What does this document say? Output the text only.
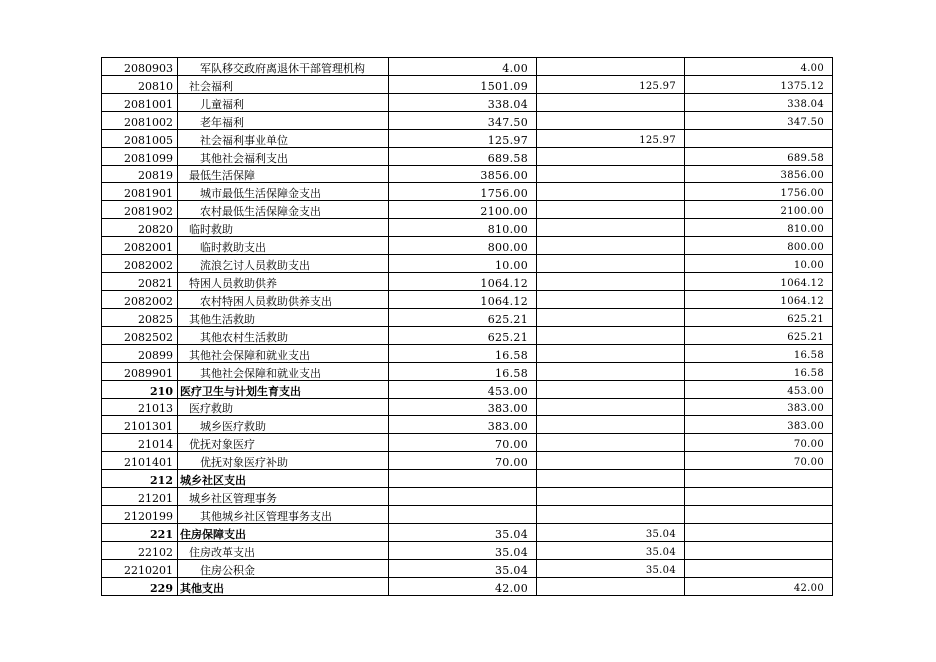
2080903	军队移交政府离退休干部管理机构	4.00		4.00
20810	社会福利	1501.09	125.97	1375.12
2081001	儿童福利	338.04		338.04
2081002	老年福利	347.50		347.50
2081005	社会福利事业单位	125.97	125.97	
2081099	其他社会福利支出	689.58		689.58
20819	最低生活保障	3856.00		3856.00
2081901	城市最低生活保障金支出	1756.00		1756.00
2081902	农村最低生活保障金支出	2100.00		2100.00
20820	临时救助	810.00		810.00
2082001	临时救助支出	800.00		800.00
2082002	流浪乞讨人员救助支出	10.00		10.00
20821	特困人员救助供养	1064.12		1064.12
2082002	农村特困人员救助供养支出	1064.12		1064.12
20825	其他生活救助	625.21		625.21
2082502	其他农村生活救助	625.21		625.21
20899	其他社会保障和就业支出	16.58		16.58
2089901	其他社会保障和就业支出	16.58		16.58
210	医疗卫生与计划生育支出	453.00		453.00
21013	医疗救助	383.00		383.00
2101301	城乡医疗救助	383.00		383.00
21014	优抚对象医疗	70.00		70.00
2101401	优抚对象医疗补助	70.00		70.00
212	城乡社区支出			
21201	城乡社区管理事务			
2120199	其他城乡社区管理事务支出			
221	住房保障支出	35.04	35.04	
22102	住房改革支出	35.04	35.04	
2210201	住房公积金	35.04	35.04	
229	其他支出	42.00		42.00
